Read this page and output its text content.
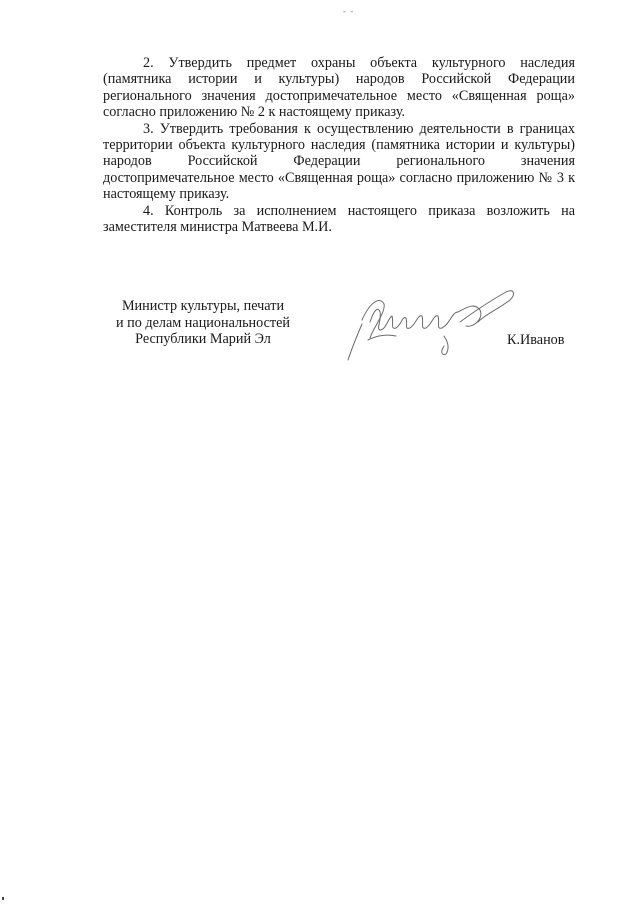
- -

2. Утвердить предмет охраны объекта культурного наследия (памятника истории и культуры) народов Российской Федерации регионального значения достопримечательное место «Священная роща» согласно приложению № 2 к настоящему приказу.

3. Утвердить требования к осуществлению деятельности в границах территории объекта культурного наследия (памятника истории и культуры) народов Российской Федерации регионального значения достопримечательное место «Священная роща» согласно приложению № 3 к настоящему приказу.

4. Контроль за исполнением настоящего приказа возложить на заместителя министра Матвеева М.И.

Министр культуры, печати
и по делам национальностей
Республики Марий Эл	К.Иванов
